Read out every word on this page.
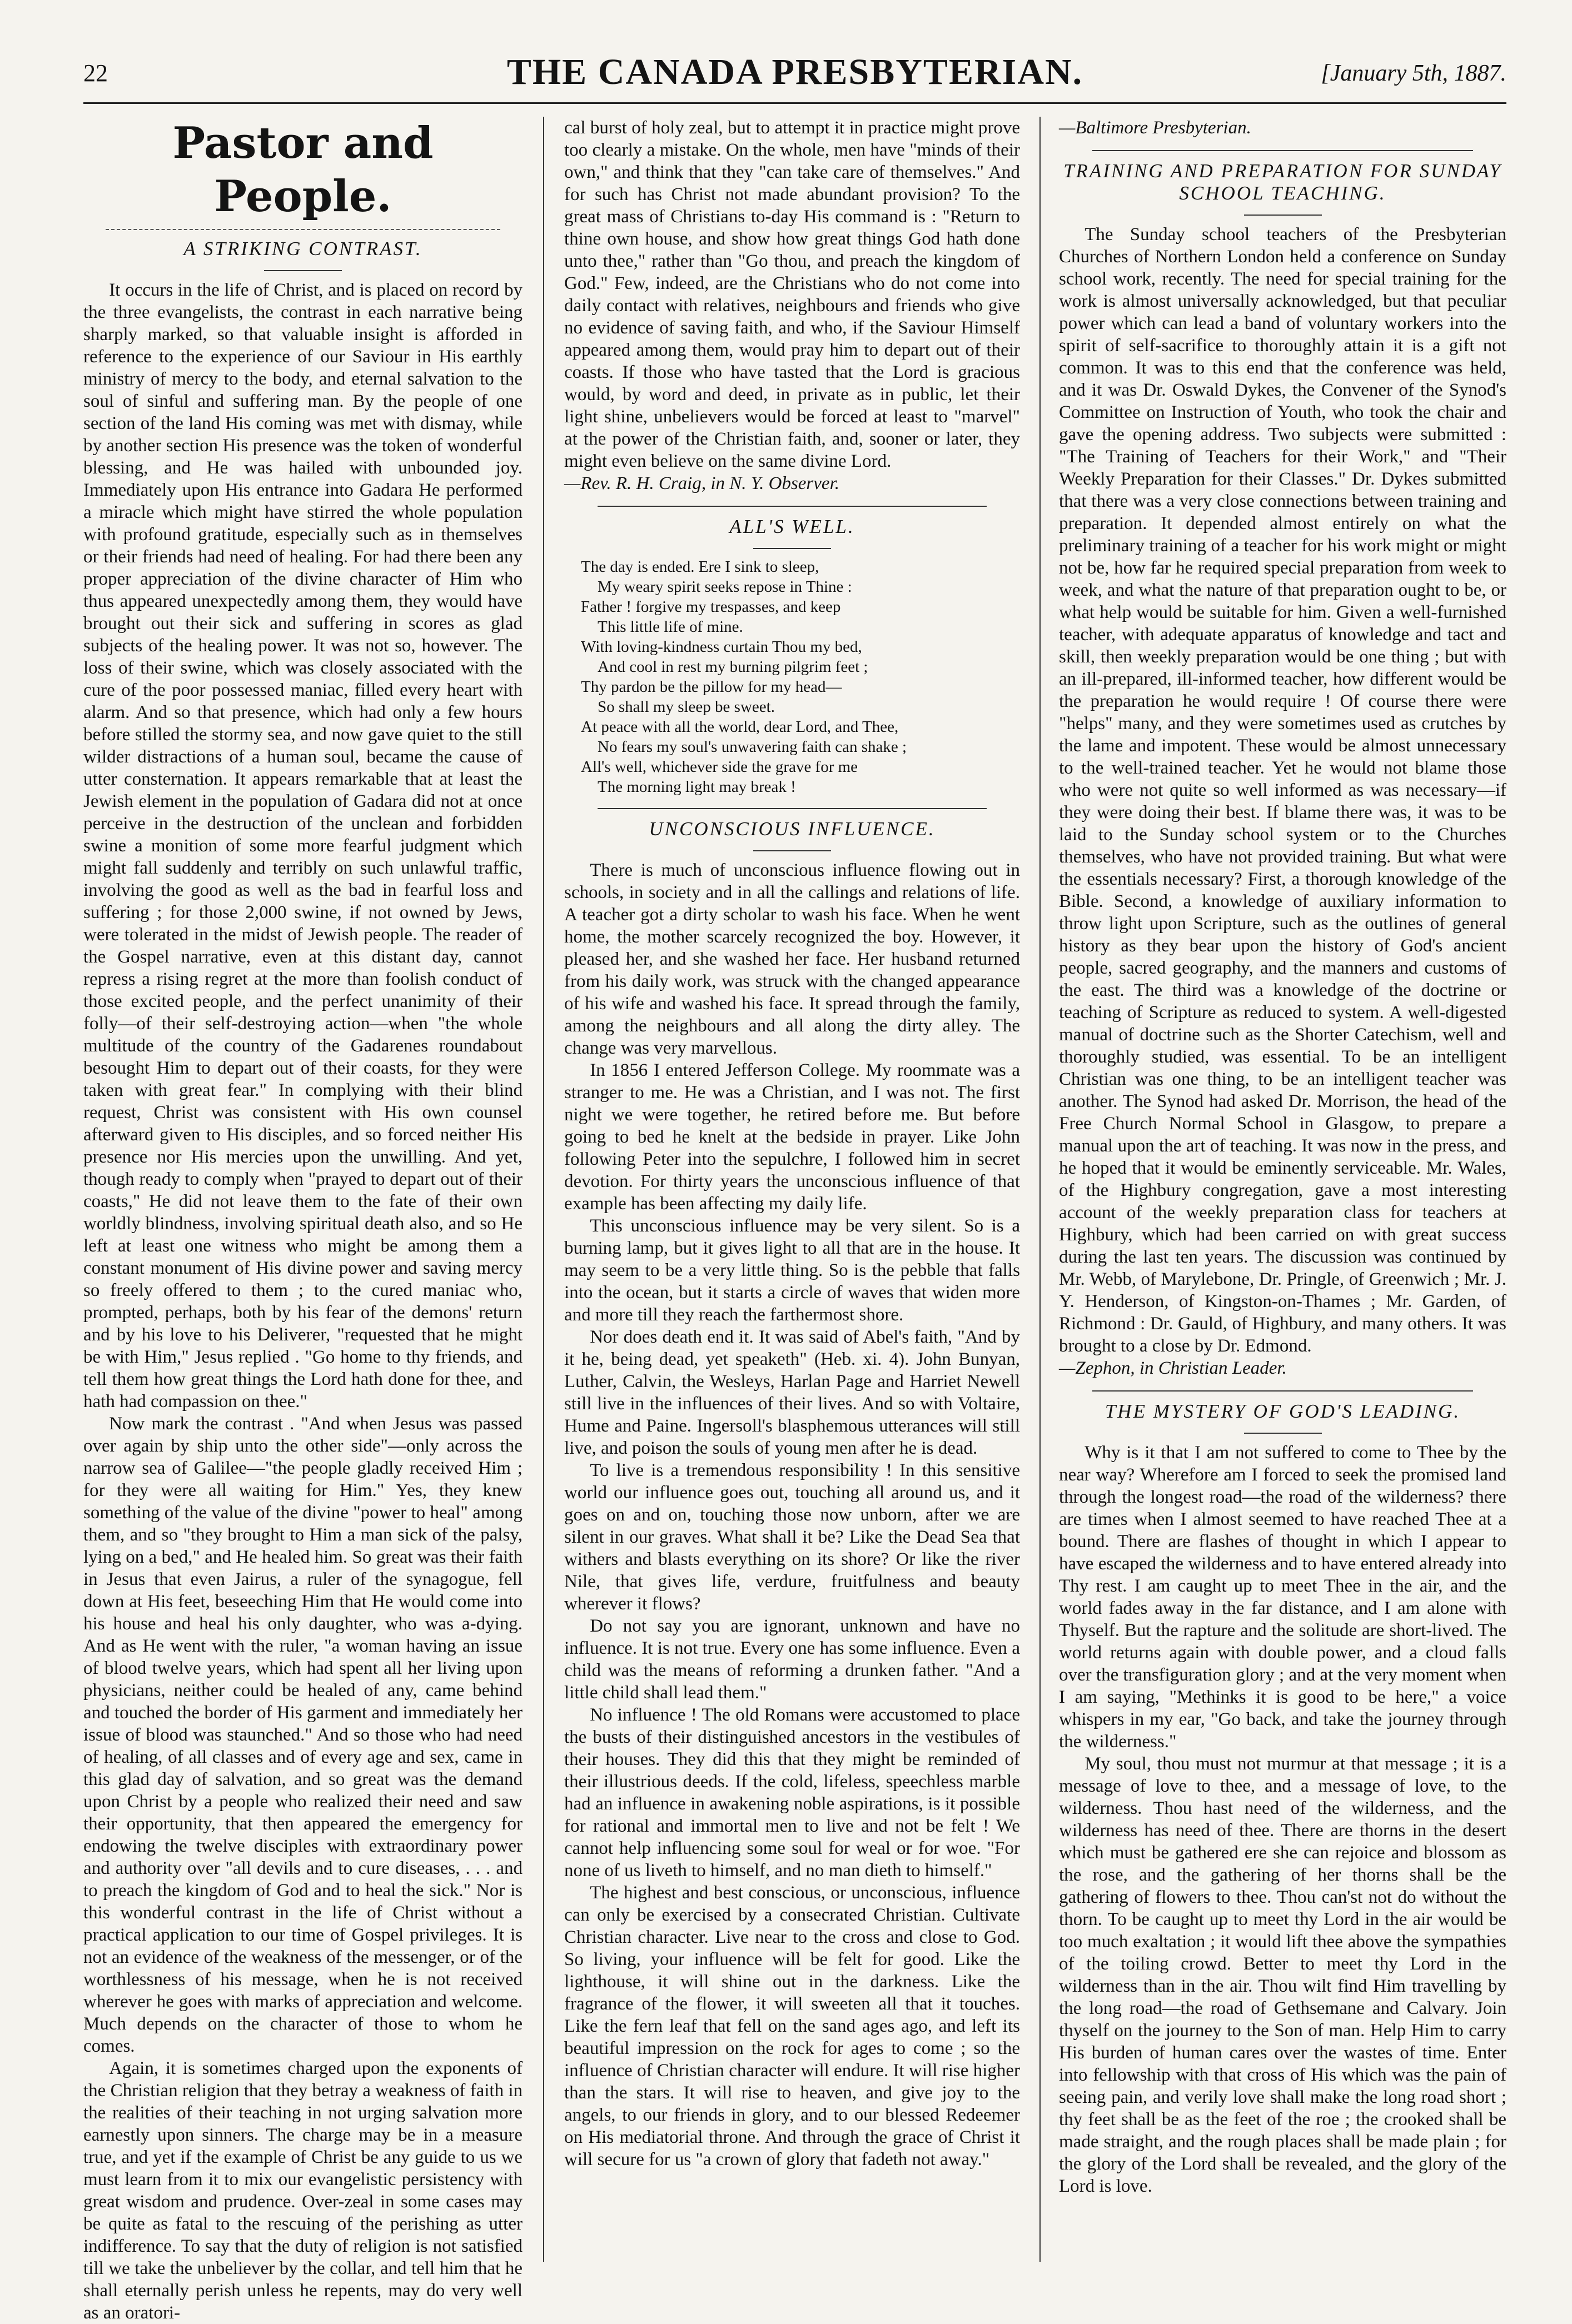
22	THE CANADA PRESBYTERIAN.	[January 5th, 1887.
Pastor and People.
A STRIKING CONTRAST.

It occurs in the life of Christ, and is placed on record by the three evangelists, the contrast in each narrative being sharply marked, so that valuable insight is afforded in reference to the experience of our Saviour in His earthly ministry of mercy to the body, and eternal salvation to the soul of sinful and suffering man. By the people of one section of the land His coming was met with dismay, while by another section His presence was the token of wonderful blessing, and He was hailed with unbounded joy. Immediately upon His entrance into Gadara He performed a miracle which might have stirred the whole population with profound gratitude, especially such as in themselves or their friends had need of healing. For had there been any proper appreciation of the divine character of Him who thus appeared unexpectedly among them, they would have brought out their sick and suffering in scores as glad subjects of the healing power. It was not so, however. The loss of their swine, which was closely associated with the cure of the poor possessed maniac, filled every heart with alarm. And so that presence, which had only a few hours before stilled the stormy sea, and now gave quiet to the still wilder distractions of a human soul, became the cause of utter consternation. It appears remarkable that at least the Jewish element in the population of Gadara did not at once perceive in the destruction of the unclean and forbidden swine a monition of some more fearful judgment which might fall suddenly and terribly on such unlawful traffic, involving the good as well as the bad in fearful loss and suffering ; for those 2,000 swine, if not owned by Jews, were tolerated in the midst of Jewish people. The reader of the Gospel narrative, even at this distant day, cannot repress a rising regret at the more than foolish conduct of those excited people, and the perfect unanimity of their folly—of their self-destroying action—when "the whole multitude of the country of the Gadarenes roundabout besought Him to depart out of their coasts, for they were taken with great fear." In complying with their blind request, Christ was consistent with His own counsel afterward given to His disciples, and so forced neither His presence nor His mercies upon the unwilling. And yet, though ready to comply when "prayed to depart out of their coasts," He did not leave them to the fate of their own worldly blindness, involving spiritual death also, and so He left at least one witness who might be among them a constant monument of His divine power and saving mercy so freely offered to them ; to the cured maniac who, prompted, perhaps, both by his fear of the demons' return and by his love to his Deliverer, "requested that he might be with Him," Jesus replied . "Go home to thy friends, and tell them how great things the Lord hath done for thee, and hath had compassion on thee."

Now mark the contrast . "And when Jesus was passed over again by ship unto the other side"—only across the narrow sea of Galilee—"the people gladly received Him ; for they were all waiting for Him." Yes, they knew something of the value of the divine "power to heal" among them, and so "they brought to Him a man sick of the palsy, lying on a bed," and He healed him. So great was their faith in Jesus that even Jairus, a ruler of the synagogue, fell down at His feet, beseeching Him that He would come into his house and heal his only daughter, who was a-dying. And as He went with the ruler, "a woman having an issue of blood twelve years, which had spent all her living upon physicians, neither could be healed of any, came behind and touched the border of His garment and immediately her issue of blood was staunched." And so those who had need of healing, of all classes and of every age and sex, came in this glad day of salvation, and so great was the demand upon Christ by a people who realized their need and saw their opportunity, that then appeared the emergency for endowing the twelve disciples with extraordinary power and authority over "all devils and to cure diseases, . . . and to preach the kingdom of God and to heal the sick." Nor is this wonderful contrast in the life of Christ without a practical application to our time of Gospel privileges. It is not an evidence of the weakness of the messenger, or of the worthlessness of his message, when he is not received wherever he goes with marks of appreciation and welcome. Much depends on the character of those to whom he comes.

Again, it is sometimes charged upon the exponents of the Christian religion that they betray a weakness of faith in the realities of their teaching in not urging salvation more earnestly upon sinners. The charge may be in a measure true, and yet if the example of Christ be any guide to us we must learn from it to mix our evangelistic persistency with great wisdom and prudence. Over-zeal in some cases may be quite as fatal to the rescuing of the perishing as utter indifference. To say that the duty of religion is not satisfied till we take the unbeliever by the collar, and tell him that he shall eternally perish unless he repents, may do very well as an oratori-

cal burst of holy zeal, but to attempt it in practice might prove too clearly a mistake. On the whole, men have "minds of their own," and think that they "can take care of themselves." And for such has Christ not made abundant provision? To the great mass of Christians to-day His command is : "Return to thine own house, and show how great things God hath done unto thee," rather than "Go thou, and preach the kingdom of God." Few, indeed, are the Christians who do not come into daily contact with relatives, neighbours and friends who give no evidence of saving faith, and who, if the Saviour Himself appeared among them, would pray him to depart out of their coasts. If those who have tasted that the Lord is gracious would, by word and deed, in private as in public, let their light shine, unbelievers would be forced at least to "marvel" at the power of the Christian faith, and, sooner or later, they might even believe on the same divine Lord.

—Rev. R. H. Craig, in N. Y. Observer.

ALL'S WELL.
The day is ended. Ere I sink to sleep,
My weary spirit seeks repose in Thine :
Father ! forgive my trespasses, and keep
This little life of mine.
With loving-kindness curtain Thou my bed,
And cool in rest my burning pilgrim feet ;
Thy pardon be the pillow for my head—
So shall my sleep be sweet.
At peace with all the world, dear Lord, and Thee,
No fears my soul's unwavering faith can shake ;
All's well, whichever side the grave for me
The morning light may break !
UNCONSCIOUS INFLUENCE.

There is much of unconscious influence flowing out in schools, in society and in all the callings and relations of life. A teacher got a dirty scholar to wash his face. When he went home, the mother scarcely recognized the boy. However, it pleased her, and she washed her face. Her husband returned from his daily work, was struck with the changed appearance of his wife and washed his face. It spread through the family, among the neighbours and all along the dirty alley. The change was very marvellous.

In 1856 I entered Jefferson College. My roommate was a stranger to me. He was a Christian, and I was not. The first night we were together, he retired before me. But before going to bed he knelt at the bedside in prayer. Like John following Peter into the sepulchre, I followed him in secret devotion. For thirty years the unconscious influence of that example has been affecting my daily life.

This unconscious influence may be very silent. So is a burning lamp, but it gives light to all that are in the house. It may seem to be a very little thing. So is the pebble that falls into the ocean, but it starts a circle of waves that widen more and more till they reach the farthermost shore.

Nor does death end it. It was said of Abel's faith, "And by it he, being dead, yet speaketh" (Heb. xi. 4). John Bunyan, Luther, Calvin, the Wesleys, Harlan Page and Harriet Newell still live in the influences of their lives. And so with Voltaire, Hume and Paine. Ingersoll's blasphemous utterances will still live, and poison the souls of young men after he is dead.

To live is a tremendous responsibility ! In this sensitive world our influence goes out, touching all around us, and it goes on and on, touching those now unborn, after we are silent in our graves. What shall it be? Like the Dead Sea that withers and blasts everything on its shore? Or like the river Nile, that gives life, verdure, fruitfulness and beauty wherever it flows?

Do not say you are ignorant, unknown and have no influence. It is not true. Every one has some influence. Even a child was the means of reforming a drunken father. "And a little child shall lead them."

No influence ! The old Romans were accustomed to place the busts of their distinguished ancestors in the vestibules of their houses. They did this that they might be reminded of their illustrious deeds. If the cold, lifeless, speechless marble had an influence in awakening noble aspirations, is it possible for rational and immortal men to live and not be felt ! We cannot help influencing some soul for weal or for woe. "For none of us liveth to himself, and no man dieth to himself."

The highest and best conscious, or unconscious, influence can only be exercised by a consecrated Christian. Cultivate Christian character. Live near to the cross and close to God. So living, your influence will be felt for good. Like the lighthouse, it will shine out in the darkness. Like the fragrance of the flower, it will sweeten all that it touches. Like the fern leaf that fell on the sand ages ago, and left its beautiful impression on the rock for ages to come ; so the influence of Christian character will endure. It will rise higher than the stars. It will rise to heaven, and give joy to the angels, to our friends in glory, and to our blessed Redeemer on His mediatorial throne. And through the grace of Christ it will secure for us "a crown of glory that fadeth not away."

—Baltimore Presbyterian.

TRAINING AND PREPARATION FOR SUNDAY SCHOOL TEACHING.

The Sunday school teachers of the Presbyterian Churches of Northern London held a conference on Sunday school work, recently. The need for special training for the work is almost universally acknowledged, but that peculiar power which can lead a band of voluntary workers into the spirit of self-sacrifice to thoroughly attain it is a gift not common. It was to this end that the conference was held, and it was Dr. Oswald Dykes, the Convener of the Synod's Committee on Instruction of Youth, who took the chair and gave the opening address. Two subjects were submitted : "The Training of Teachers for their Work," and "Their Weekly Preparation for their Classes." Dr. Dykes submitted that there was a very close connections between training and preparation. It depended almost entirely on what the preliminary training of a teacher for his work might or might not be, how far he required special preparation from week to week, and what the nature of that preparation ought to be, or what help would be suitable for him. Given a well-furnished teacher, with adequate apparatus of knowledge and tact and skill, then weekly preparation would be one thing ; but with an ill-prepared, ill-informed teacher, how different would be the preparation he would require ! Of course there were "helps" many, and they were sometimes used as crutches by the lame and impotent. These would be almost unnecessary to the well-trained teacher. Yet he would not blame those who were not quite so well informed as was necessary—if they were doing their best. If blame there was, it was to be laid to the Sunday school system or to the Churches themselves, who have not provided training. But what were the essentials necessary? First, a thorough knowledge of the Bible. Second, a knowledge of auxiliary information to throw light upon Scripture, such as the outlines of general history as they bear upon the history of God's ancient people, sacred geography, and the manners and customs of the east. The third was a knowledge of the doctrine or teaching of Scripture as reduced to system. A well-digested manual of doctrine such as the Shorter Catechism, well and thoroughly studied, was essential. To be an intelligent Christian was one thing, to be an intelligent teacher was another. The Synod had asked Dr. Morrison, the head of the Free Church Normal School in Glasgow, to prepare a manual upon the art of teaching. It was now in the press, and he hoped that it would be eminently serviceable. Mr. Wales, of the Highbury congregation, gave a most interesting account of the weekly preparation class for teachers at Highbury, which had been carried on with great success during the last ten years. The discussion was continued by Mr. Webb, of Marylebone, Dr. Pringle, of Greenwich ; Mr. J. Y. Henderson, of Kingston-on-Thames ; Mr. Garden, of Richmond : Dr. Gauld, of Highbury, and many others. It was brought to a close by Dr. Edmond.

—Zephon, in Christian Leader.

THE MYSTERY OF GOD'S LEADING.

Why is it that I am not suffered to come to Thee by the near way? Wherefore am I forced to seek the promised land through the longest road—the road of the wilderness? there are times when I almost seemed to have reached Thee at a bound. There are flashes of thought in which I appear to have escaped the wilderness and to have entered already into Thy rest. I am caught up to meet Thee in the air, and the world fades away in the far distance, and I am alone with Thyself. But the rapture and the solitude are short-lived. The world returns again with double power, and a cloud falls over the transfiguration glory ; and at the very moment when I am saying, "Methinks it is good to be here," a voice whispers in my ear, "Go back, and take the journey through the wilderness."

My soul, thou must not murmur at that message ; it is a message of love to thee, and a message of love, to the wilderness. Thou hast need of the wilderness, and the wilderness has need of thee. There are thorns in the desert which must be gathered ere she can rejoice and blossom as the rose, and the gathering of her thorns shall be the gathering of flowers to thee. Thou can'st not do without the thorn. To be caught up to meet thy Lord in the air would be too much exaltation ; it would lift thee above the sympathies of the toiling crowd. Better to meet thy Lord in the wilderness than in the air. Thou wilt find Him travelling by the long road—the road of Gethsemane and Calvary. Join thyself on the journey to the Son of man. Help Him to carry His burden of human cares over the wastes of time. Enter into fellowship with that cross of His which was the pain of seeing pain, and verily love shall make the long road short ; thy feet shall be as the feet of the roe ; the crooked shall be made straight, and the rough places shall be made plain ; for the glory of the Lord shall be revealed, and the glory of the Lord is love.
